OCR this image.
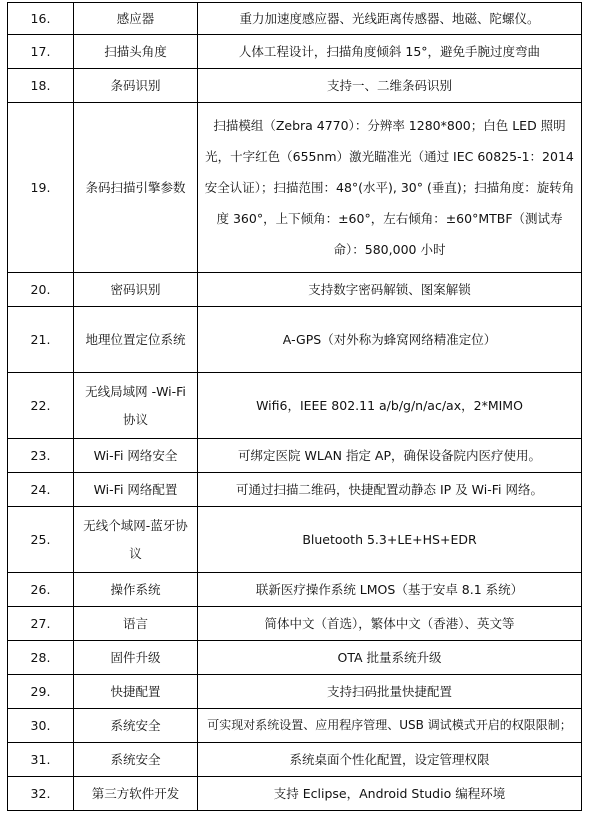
16.	感应器	重力加速度感应器、光线距离传感器、地磁、陀螺仪。
17.	扫描头角度	人体工程设计，扫描角度倾斜 15°，避免手腕过度弯曲
18.	条码识别	支持一、二维条码识别
19.	条码扫描引擎参数	扫描模组（Zebra 4770）：分辨率 1280*800；白色 LED 照明光，十字红色（655nm）激光瞄准光（通过 IEC 60825-1：2014 安全认证）；扫描范围：48°(水平), 30° (垂直)；扫描角度：旋转角度 360°，上下倾角：±60°，左右倾角：±60°MTBF（测试寿命）：580,000 小时
20.	密码识别	支持数字密码解锁、图案解锁
21.	地理位置定位系统	A-GPS（对外称为蜂窝网络精准定位）
22.	无线局域网 -Wi-Fi 协议	Wifi6，IEEE 802.11 a/b/g/n/ac/ax，2*MIMO
23.	Wi-Fi 网络安全	可绑定医院 WLAN 指定 AP，确保设备院内医疗使用。
24.	Wi-Fi 网络配置	可通过扫描二维码，快捷配置动静态 IP 及 Wi-Fi 网络。
25.	无线个域网-蓝牙协议	Bluetooth 5.3+LE+HS+EDR
26.	操作系统	联新医疗操作系统 LMOS（基于安卓 8.1 系统）
27.	语言	简体中文（首选），繁体中文（香港）、英文等
28.	固件升级	OTA 批量系统升级
29.	快捷配置	支持扫码批量快捷配置
30.	系统安全	可实现对系统设置、应用程序管理、USB 调试模式开启的权限限制；
31.	系统安全	系统桌面个性化配置，设定管理权限
32.	第三方软件开发	支持 Eclipse，Android Studio 编程环境
